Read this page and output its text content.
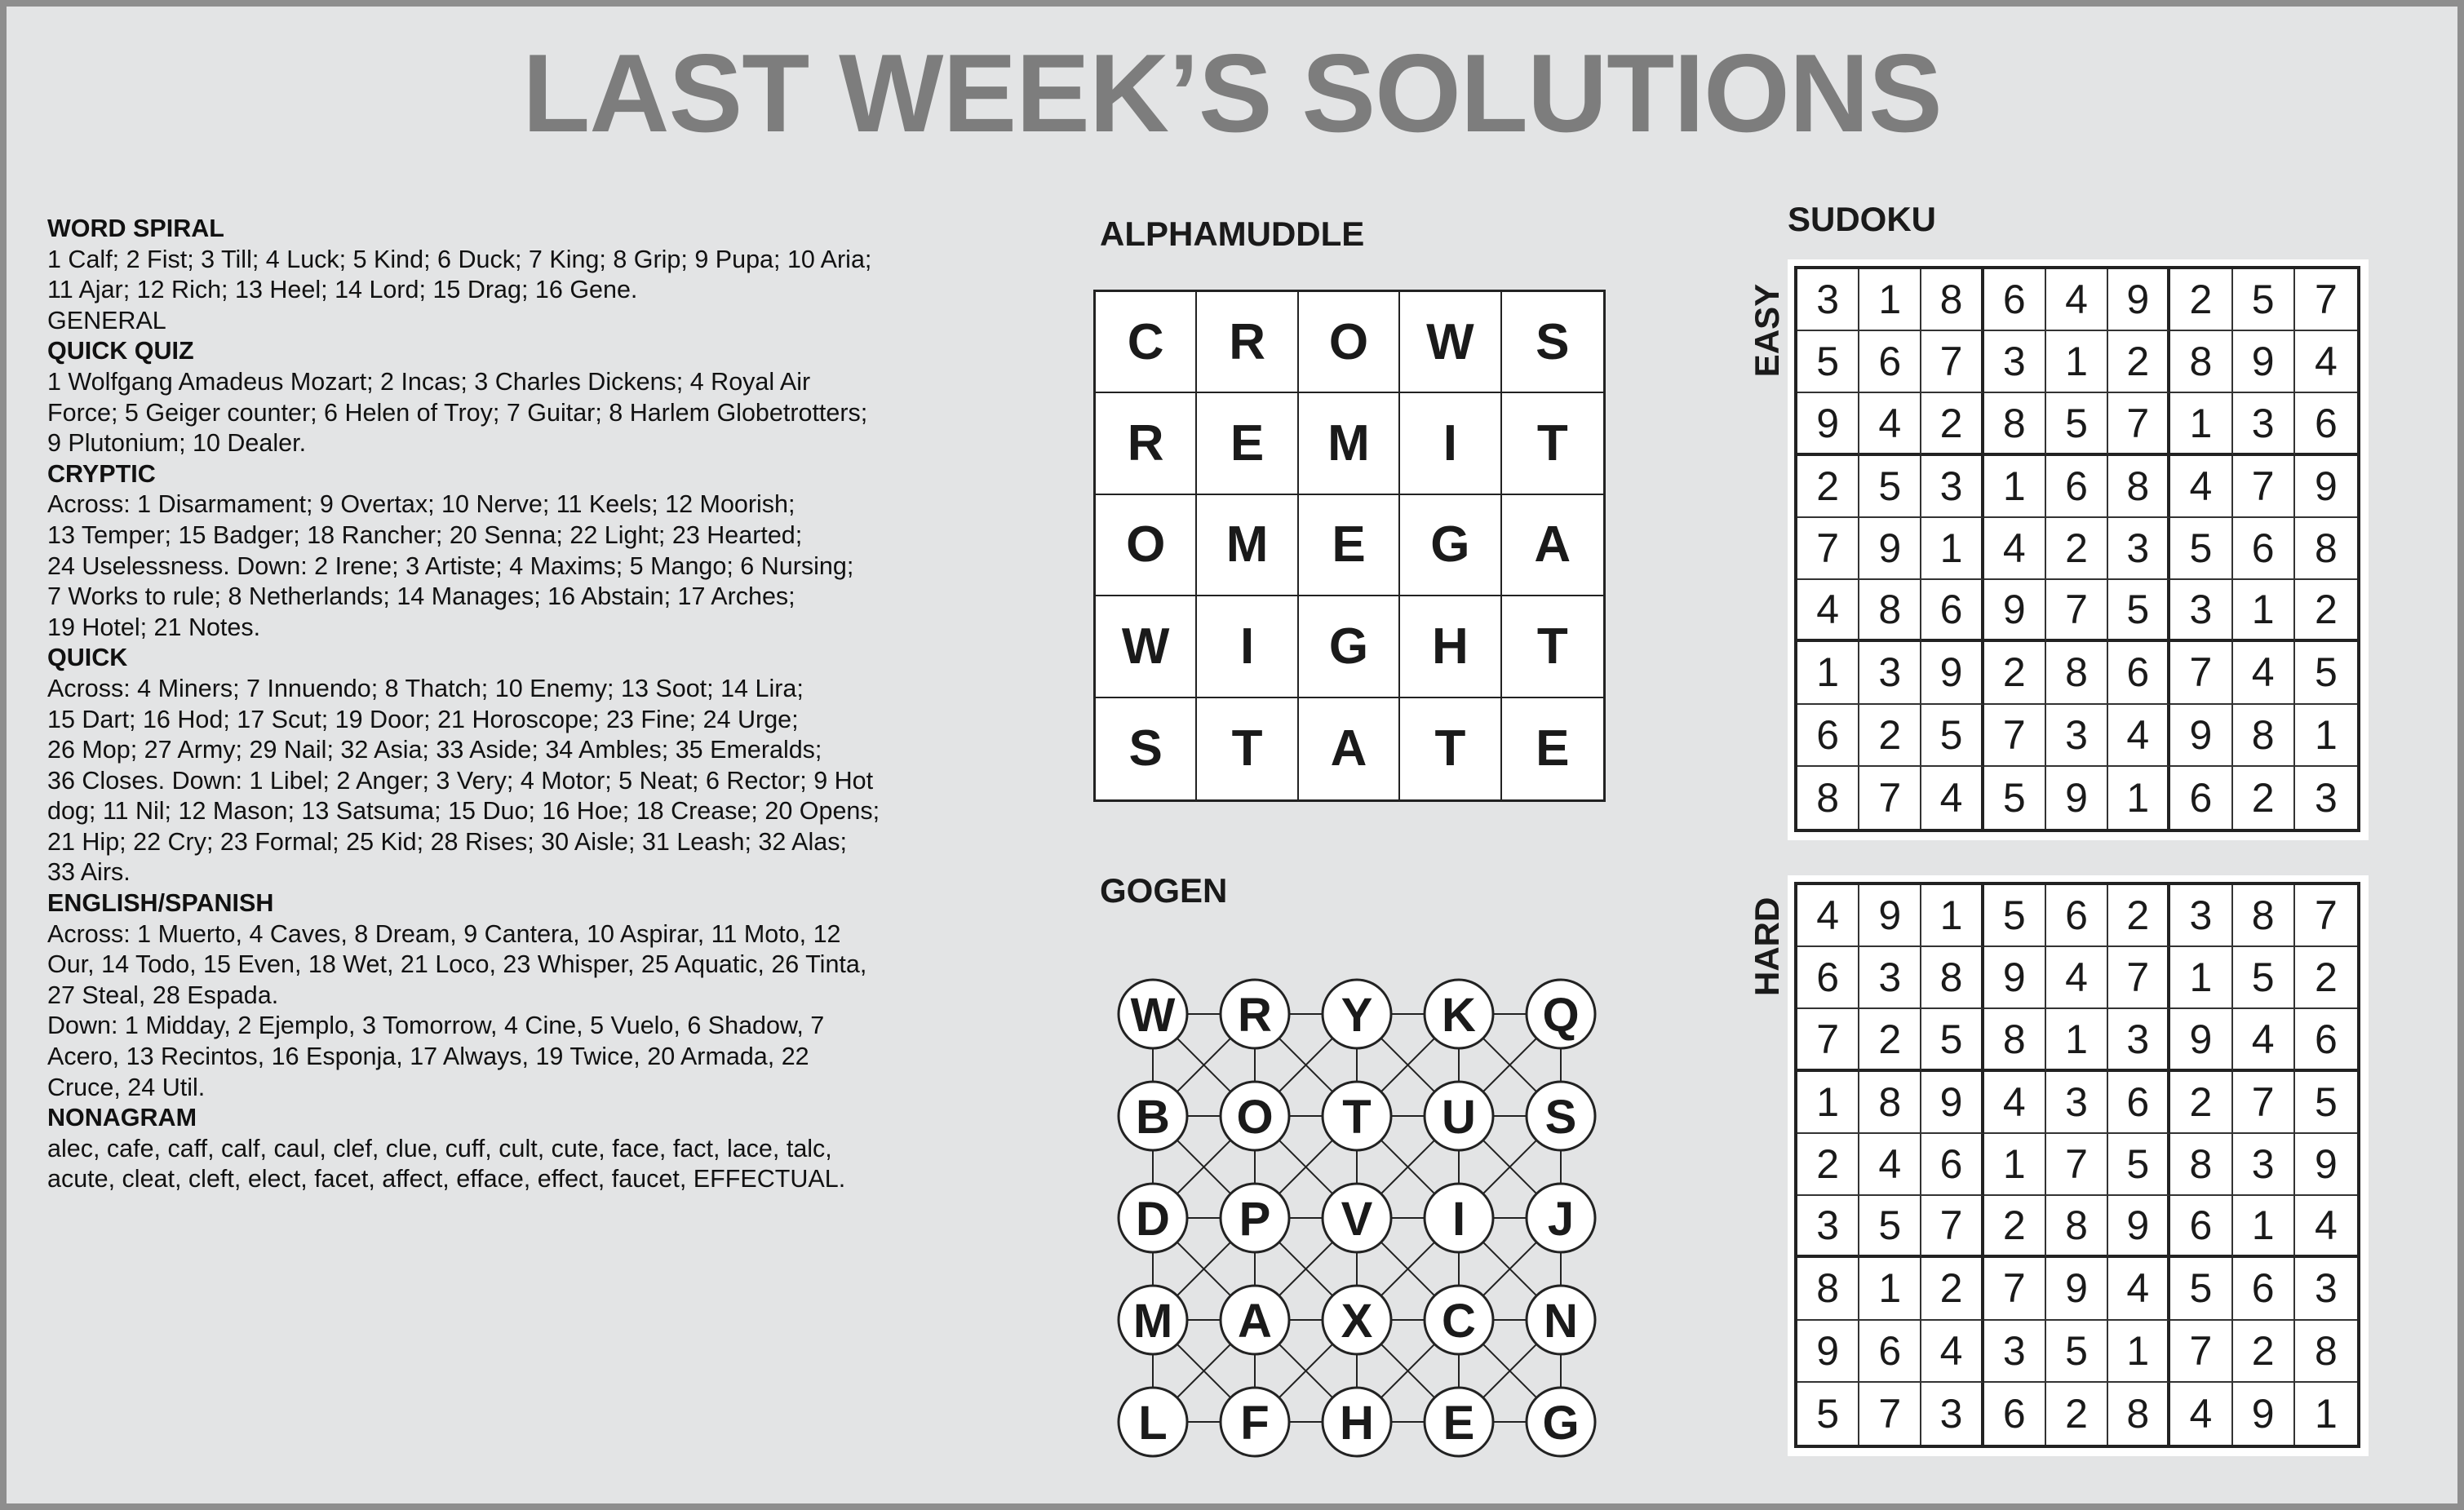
LAST WEEK’S SOLUTIONS
WORD SPIRAL
1 Calf; 2 Fist; 3 Till; 4 Luck; 5 Kind; 6 Duck; 7 King; 8 Grip; 9 Pupa; 10 Aria;
11 Ajar; 12 Rich; 13 Heel; 14 Lord; 15 Drag; 16 Gene.
GENERAL
QUICK QUIZ
1 Wolfgang Amadeus Mozart; 2 Incas; 3 Charles Dickens; 4 Royal Air
Force; 5 Geiger counter; 6 Helen of Troy; 7 Guitar; 8 Harlem Globetrotters;
9 Plutonium; 10 Dealer.
CRYPTIC
Across: 1 Disarmament; 9 Overtax; 10 Nerve; 11 Keels; 12 Moorish;
13 Temper; 15 Badger; 18 Rancher; 20 Senna; 22 Light; 23 Hearted;
24 Uselessness. Down: 2 Irene; 3 Artiste; 4 Maxims; 5 Mango; 6 Nursing;
7 Works to rule; 8 Netherlands; 14 Manages; 16 Abstain; 17 Arches;
19 Hotel; 21 Notes.
QUICK
Across: 4 Miners; 7 Innuendo; 8 Thatch; 10 Enemy; 13 Soot; 14 Lira;
15 Dart; 16 Hod; 17 Scut; 19 Door; 21 Horoscope; 23 Fine; 24 Urge;
26 Mop; 27 Army; 29 Nail; 32 Asia; 33 Aside; 34 Ambles; 35 Emeralds;
36 Closes. Down: 1 Libel; 2 Anger; 3 Very; 4 Motor; 5 Neat; 6 Rector; 9 Hot
dog; 11 Nil; 12 Mason; 13 Satsuma; 15 Duo; 16 Hoe; 18 Crease; 20 Opens;
21 Hip; 22 Cry; 23 Formal; 25 Kid; 28 Rises; 30 Aisle; 31 Leash; 32 Alas;
33 Airs.
ENGLISH/SPANISH
Across: 1 Muerto, 4 Caves, 8 Dream, 9 Cantera, 10 Aspirar, 11 Moto, 12
Our, 14 Todo, 15 Even, 18 Wet, 21 Loco, 23 Whisper, 25 Aquatic, 26 Tinta,
27 Steal, 28 Espada.
Down: 1 Midday, 2 Ejemplo, 3 Tomorrow, 4 Cine, 5 Vuelo, 6 Shadow, 7
Acero, 13 Recintos, 16 Esponja, 17 Always, 19 Twice, 20 Armada, 22
Cruce, 24 Util.
NONAGRAM
alec, cafe, caff, calf, caul, clef, clue, cuff, cult, cute, face, fact, lace, talc,
acute, cleat, cleft, elect, facet, affect, efface, effect, faucet, EFFECTUAL.
ALPHAMUDDLE
C	R	O	W	S
R	E	M	I	T
O	M	E	G	A
W	I	G	H	T
S	T	A	T	E
GOGEN
W R Y K Q
B O T U S
D P V I J
M A X C N
L F H E G
SUDOKU
EASY 3 1 8 6 4 9 2 5 7
5 6 7 3 1 2 8 9 4
9 4 2 8 5 7 1 3 6
2 5 3 1 6 8 4 7 9
7 9 1 4 2 3 5 6 8
4 8 6 9 7 5 3 1 2
1 3 9 2 8 6 7 4 5
6 2 5 7 3 4 9 8 1
8 7 4 5 9 1 6 2 3
HARD 4 9 1 5 6 2 3 8 7
6 3 8 9 4 7 1 5 2
7 2 5 8 1 3 9 4 6
1 8 9 4 3 6 2 7 5
2 4 6 1 7 5 8 3 9
3 5 7 2 8 9 6 1 4
8 1 2 7 9 4 5 6 3
9 6 4 3 5 1 7 2 8
5 7 3 6 2 8 4 9 1
